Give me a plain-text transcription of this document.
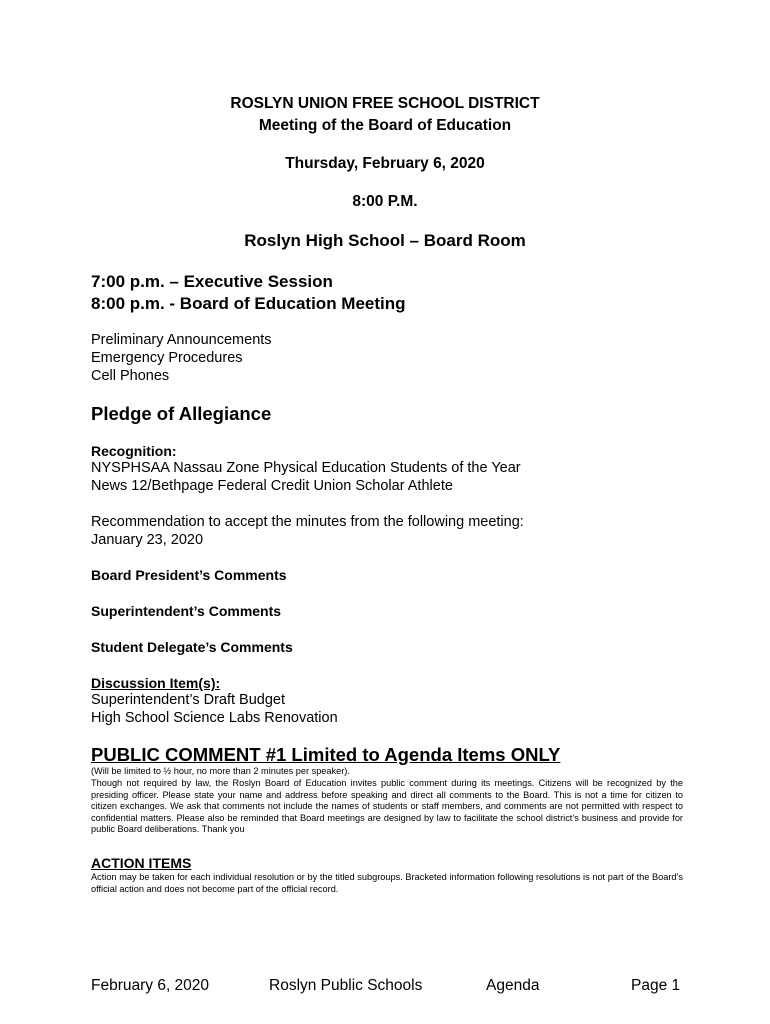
ROSLYN UNION FREE SCHOOL DISTRICT
Meeting of the Board of Education
Thursday, February 6, 2020
8:00 P.M.
Roslyn High School – Board Room
7:00 p.m. – Executive Session
8:00 p.m. - Board of Education Meeting
Preliminary Announcements
Emergency Procedures
Cell Phones
Pledge of Allegiance
Recognition:
NYSPHSAA Nassau Zone Physical Education Students of the Year
News 12/Bethpage Federal Credit Union Scholar Athlete
Recommendation to accept the minutes from the following meeting:
January 23, 2020
Board President’s Comments
Superintendent’s Comments
Student Delegate’s Comments
Discussion Item(s):
Superintendent’s Draft Budget
High School Science Labs Renovation
PUBLIC COMMENT #1 Limited to Agenda Items ONLY
(Will be limited to ½ hour, no more than 2 minutes per speaker).
Though not required by law, the Roslyn Board of Education invites public comment during its meetings. Citizens will be recognized by the presiding officer. Please state your name and address before speaking and direct all comments to the Board. This is not a time for citizen to citizen exchanges. We ask that comments not include the names of students or staff members, and comments are not permitted with respect to confidential matters. Please also be reminded that Board meetings are designed by law to facilitate the school district’s business and provide for public Board deliberations. Thank you
ACTION ITEMS
Action may be taken for each individual resolution or by the titled subgroups. Bracketed information following resolutions is not part of the Board’s official action and does not become part of the official record.
February 6, 2020	Roslyn Public Schools	Agenda	Page 1
